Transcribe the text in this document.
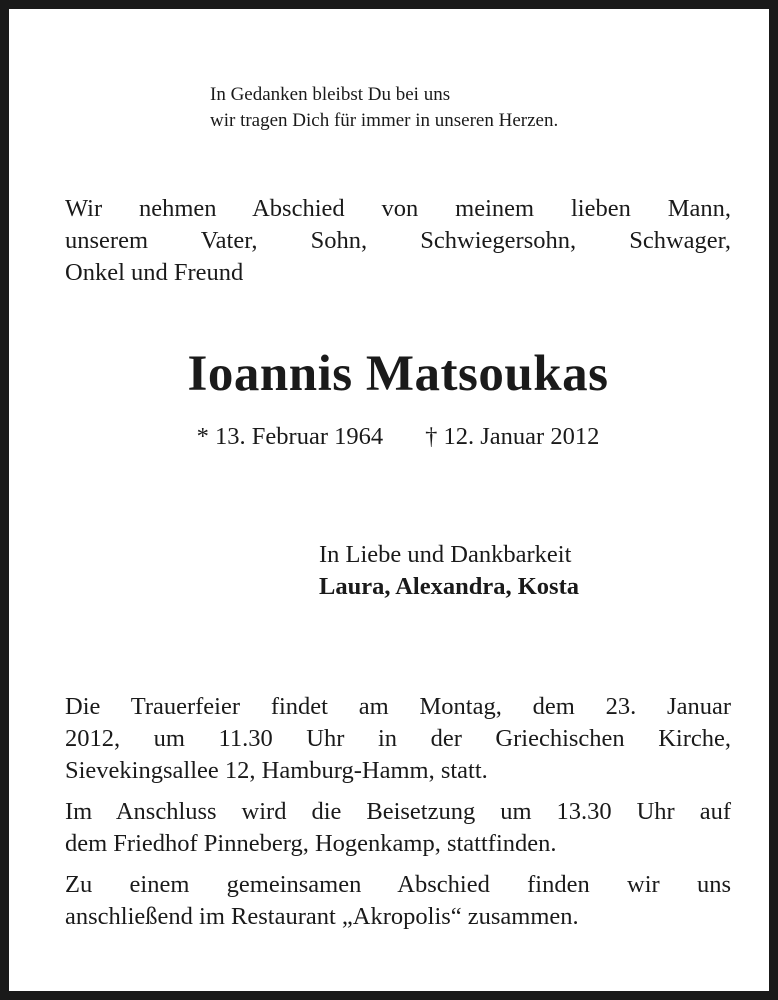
In Gedanken bleibst Du bei uns
wir tragen Dich für immer in unseren Herzen.
Wir nehmen Abschied von meinem lieben Mann,
unserem Vater, Sohn, Schwiegersohn, Schwager,
Onkel und Freund
Ioannis Matsoukas
* 13. Februar 1964 † 12. Januar 2012
In Liebe und Dankbarkeit
Laura, Alexandra, Kosta
Die Trauerfeier findet am Montag, dem 23. Januar
2012, um 11.30 Uhr in der Griechischen Kirche,
Sievekingsallee 12, Hamburg-Hamm, statt.
Im Anschluss wird die Beisetzung um 13.30 Uhr auf
dem Friedhof Pinneberg, Hogenkamp, stattfinden.
Zu einem gemeinsamen Abschied finden wir uns
anschließend im Restaurant „Akropolis“ zusammen.
